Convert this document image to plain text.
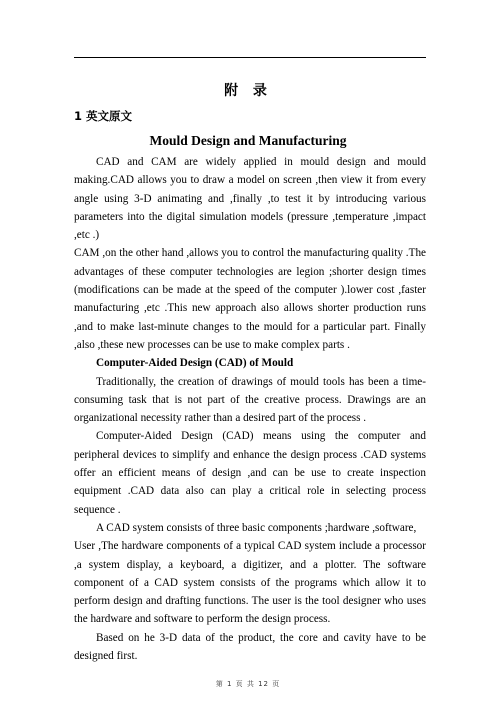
附 录
1 英文原文
Mould Design and Manufacturing

CAD and CAM are widely applied in mould design and mould making.CAD allows you to draw a model on screen ,then view it from every angle using 3-D animating and ,finally ,to test it by introducing various parameters into the digital simulation models (pressure ,temperature ,impact ,etc .)

CAM ,on the other hand ,allows you to control the manufacturing quality .The advantages of these computer technologies are legion ;shorter design times (modifications can be made at the speed of the computer ).lower cost ,faster manufacturing ,etc .This new approach also allows shorter production runs ,and to make last-minute changes to the mould for a particular part. Finally ,also ,these new processes can be use to make complex parts .

Computer-Aided Design (CAD) of Mould

Traditionally, the creation of drawings of mould tools has been a time-consuming task that is not part of the creative process. Drawings are an organizational necessity rather than a desired part of the process .

Computer-Aided Design (CAD) means using the computer and peripheral devices to simplify and enhance the design process .CAD systems offer an efficient means of design ,and can be use to create inspection equipment .CAD data also can play a critical role in selecting process sequence .

A CAD system consists of three basic components ;hardware ,software,

User ,The hardware components of a typical CAD system include a processor ,a system display, a keyboard, a digitizer, and a plotter. The software component of a CAD system consists of the programs which allow it to perform design and drafting functions. The user is the tool designer who uses the hardware and software to perform the design process.

Based on he 3-D data of the product, the core and cavity have to be designed first.

第 1 页 共 12 页
